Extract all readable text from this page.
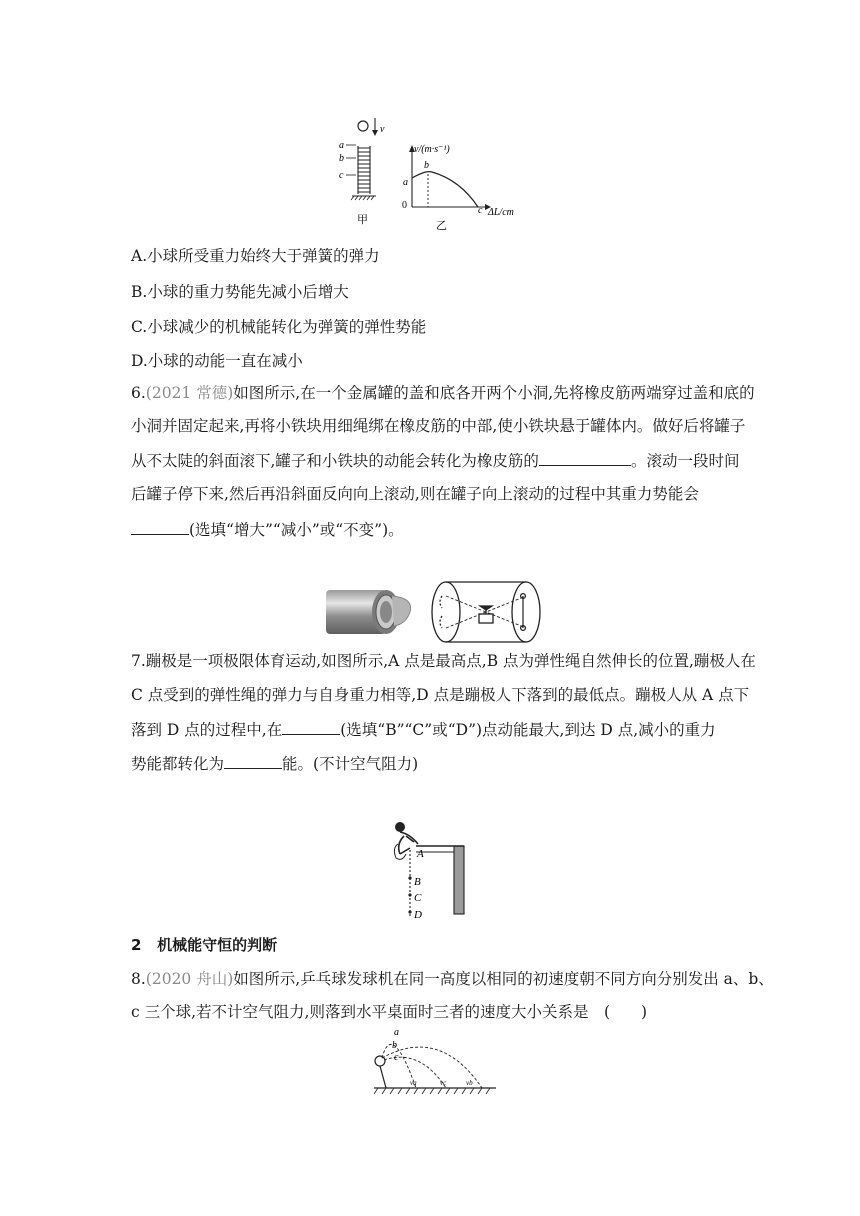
v
a
b
c
甲
v/(m·s⁻¹)
ΔL/cm
0
a
b
c
乙
A.小球所受重力始终大于弹簧的弹力
B.小球的重力势能先减小后增大
C.小球减少的机械能转化为弹簧的弹性势能
D.小球的动能一直在减小
6.(2021 常德)如图所示,在一个金属罐的盖和底各开两个小洞,先将橡皮筋两端穿过盖和底的
小洞并固定起来,再将小铁块用细绳绑在橡皮筋的中部,使小铁块悬于罐体内。做好后将罐子
从不太陡的斜面滚下,罐子和小铁块的动能会转化为橡皮筋的	。滚动一段时间
后罐子停下来,然后再沿斜面反向向上滚动,则在罐子向上滚动的过程中其重力势能会
(选填“增大”“减小”或“不变”)。
7.蹦极是一项极限体育运动,如图所示,A 点是最高点,B 点为弹性绳自然伸长的位置,蹦极人在
C 点受到的弹性绳的弹力与自身重力相等,D 点是蹦极人下落到的最低点。蹦极人从 A 点下
落到 D 点的过程中,在	(选填“B”“C”或“D”)点动能最大,到达 D 点,减小的重力
势能都转化为	能。(不计空气阻力)
A
B
C
D
2 机械能守恒的判断
8.(2020 舟山)如图所示,乒乓球发球机在同一高度以相同的初速度朝不同方向分别发出 a、b、
c 三个球,若不计空气阻力,则落到水平桌面时三者的速度大小关系是　(　　)
a
b
c
va	vc	vb
